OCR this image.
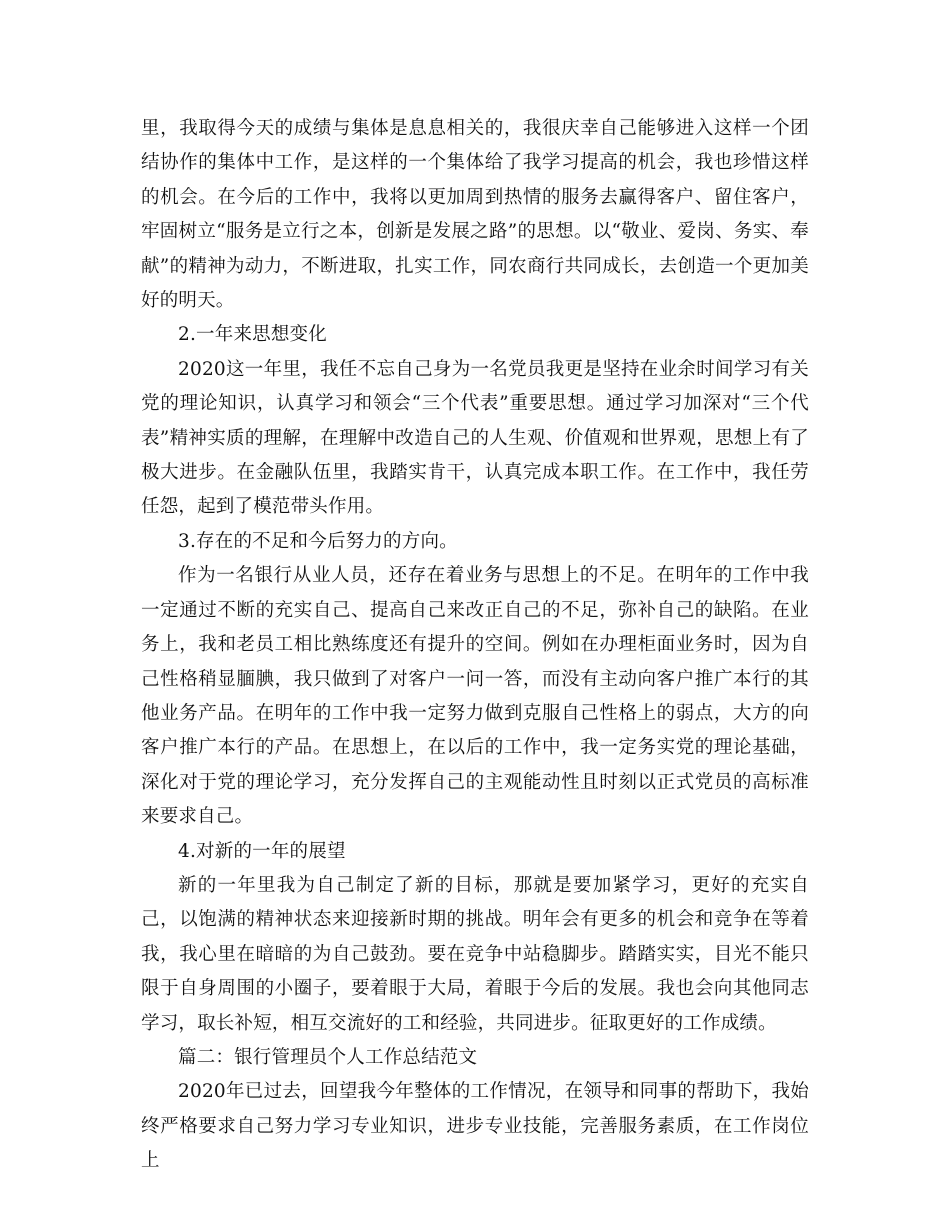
里，我取得今天的成绩与集体是息息相关的，我很庆幸自己能够进入这样一个团结协作的集体中工作，是这样的一个集体给了我学习提高的机会，我也珍惜这样的机会。在今后的工作中，我将以更加周到热情的服务去赢得客户、留住客户，牢固树立“服务是立行之本，创新是发展之路”的思想。以“敬业、爱岗、务实、奉献”的精神为动力，不断进取，扎实工作，同农商行共同成长，去创造一个更加美好的明天。

2.一年来思想变化

2020这一年里，我任不忘自己身为一名党员我更是坚持在业余时间学习有关党的理论知识，认真学习和领会“三个代表”重要思想。通过学习加深对“三个代表”精神实质的理解，在理解中改造自己的人生观、价值观和世界观，思想上有了极大进步。在金融队伍里，我踏实肯干，认真完成本职工作。在工作中，我任劳任怨，起到了模范带头作用。

3.存在的不足和今后努力的方向。

作为一名银行从业人员，还存在着业务与思想上的不足。在明年的工作中我一定通过不断的充实自己、提高自己来改正自己的不足，弥补自己的缺陷。在业务上，我和老员工相比熟练度还有提升的空间。例如在办理柜面业务时，因为自己性格稍显腼腆，我只做到了对客户一问一答，而没有主动向客户推广本行的其他业务产品。在明年的工作中我一定努力做到克服自己性格上的弱点，大方的向客户推广本行的产品。在思想上，在以后的工作中，我一定务实党的理论基础，深化对于党的理论学习，充分发挥自己的主观能动性且时刻以正式党员的高标准来要求自己。

4.对新的一年的展望

新的一年里我为自己制定了新的目标，那就是要加紧学习，更好的充实自己，以饱满的精神状态来迎接新时期的挑战。明年会有更多的机会和竞争在等着我，我心里在暗暗的为自己鼓劲。要在竞争中站稳脚步。踏踏实实，目光不能只限于自身周围的小圈子，要着眼于大局，着眼于今后的发展。我也会向其他同志学习，取长补短，相互交流好的工和经验，共同进步。征取更好的工作成绩。

篇二：银行管理员个人工作总结范文

2020年已过去，回望我今年整体的工作情况，在领导和同事的帮助下，我始终严格要求自己努力学习专业知识，进步专业技能，完善服务素质，在工作岗位上
